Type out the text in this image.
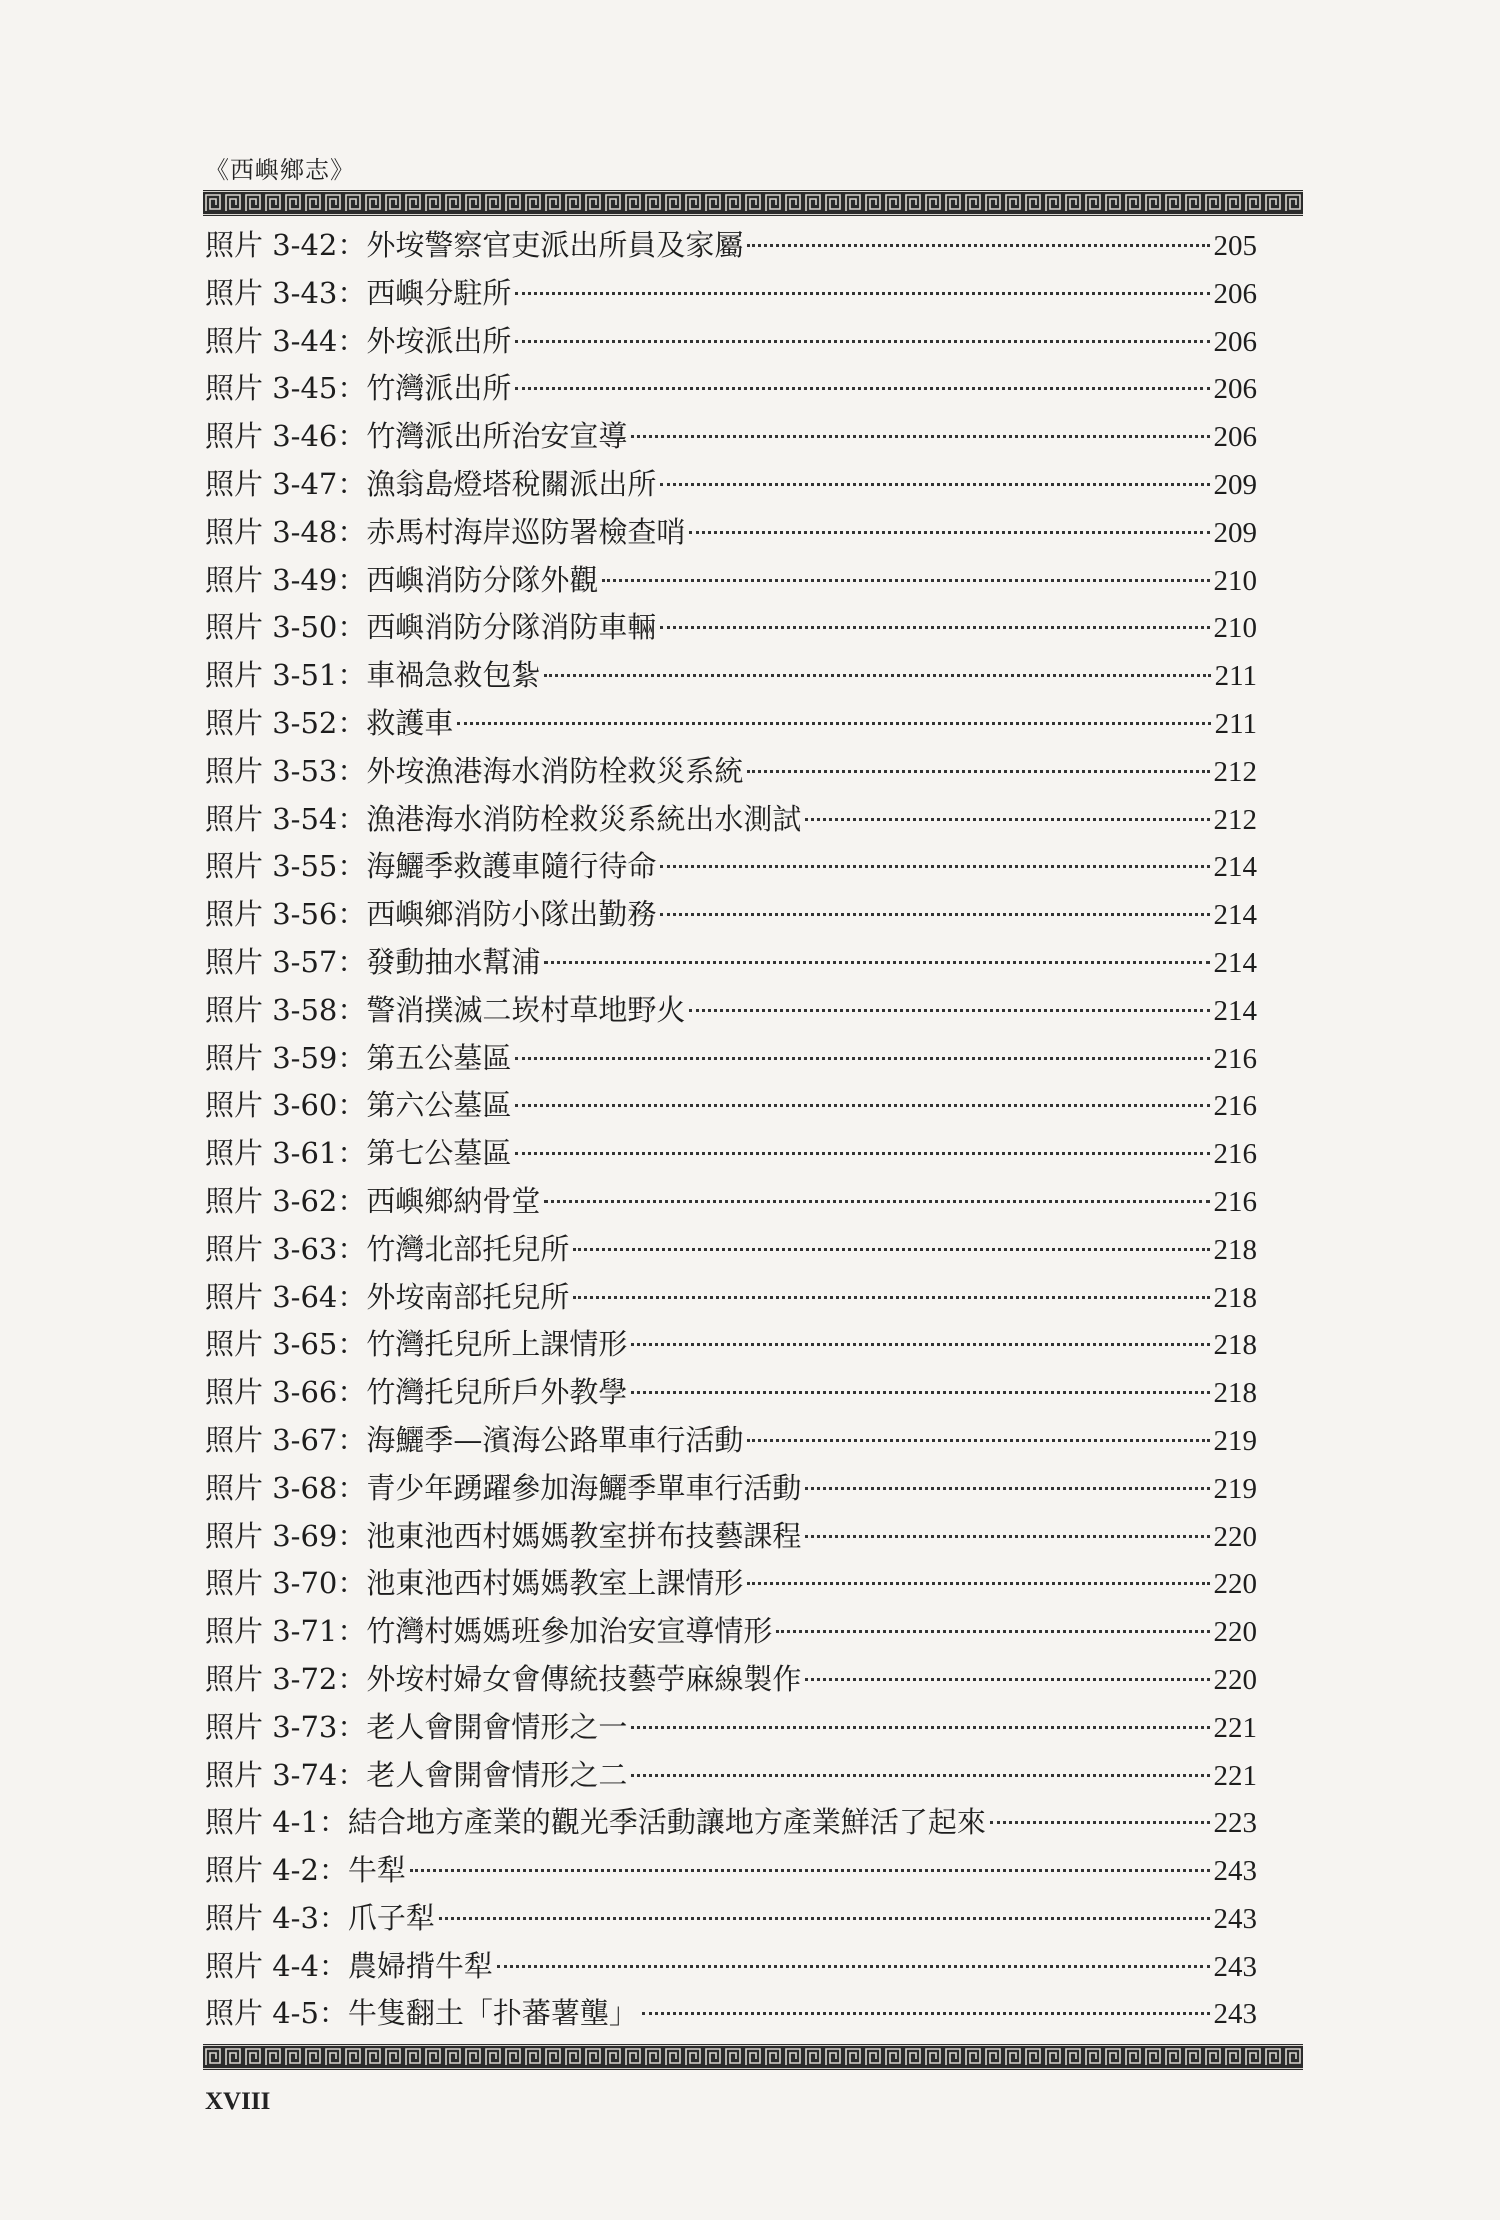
《西嶼鄉志》
照片 3-42： 外垵警察官吏派出所員及家屬	205
照片 3-43： 西嶼分駐所	206
照片 3-44： 外垵派出所	206
照片 3-45： 竹灣派出所	206
照片 3-46： 竹灣派出所治安宣導	206
照片 3-47： 漁翁島燈塔稅關派出所	209
照片 3-48： 赤馬村海岸巡防署檢查哨	209
照片 3-49： 西嶼消防分隊外觀	210
照片 3-50： 西嶼消防分隊消防車輛	210
照片 3-51： 車禍急救包紮	211
照片 3-52： 救護車	211
照片 3-53： 外垵漁港海水消防栓救災系統	212
照片 3-54： 漁港海水消防栓救災系統出水測試	212
照片 3-55： 海鱺季救護車隨行待命	214
照片 3-56： 西嶼鄉消防小隊出勤務	214
照片 3-57： 發動抽水幫浦	214
照片 3-58： 警消撲滅二崁村草地野火	214
照片 3-59： 第五公墓區	216
照片 3-60： 第六公墓區	216
照片 3-61： 第七公墓區	216
照片 3-62： 西嶼鄉納骨堂	216
照片 3-63： 竹灣北部托兒所	218
照片 3-64： 外垵南部托兒所	218
照片 3-65： 竹灣托兒所上課情形	218
照片 3-66： 竹灣托兒所戶外教學	218
照片 3-67： 海鱺季—濱海公路單車行活動	219
照片 3-68： 青少年踴躍參加海鱺季單車行活動	219
照片 3-69： 池東池西村媽媽教室拼布技藝課程	220
照片 3-70： 池東池西村媽媽教室上課情形	220
照片 3-71： 竹灣村媽媽班參加治安宣導情形	220
照片 3-72： 外垵村婦女會傳統技藝苧麻線製作	220
照片 3-73： 老人會開會情形之一	221
照片 3-74： 老人會開會情形之二	221
照片 4-1： 結合地方產業的觀光季活動讓地方產業鮮活了起來	223
照片 4-2： 牛犁	243
照片 4-3： 爪子犁	243
照片 4-4： 農婦揹牛犁	243
照片 4-5： 牛隻翻土「扑蕃薯壟」	243
XVIII
